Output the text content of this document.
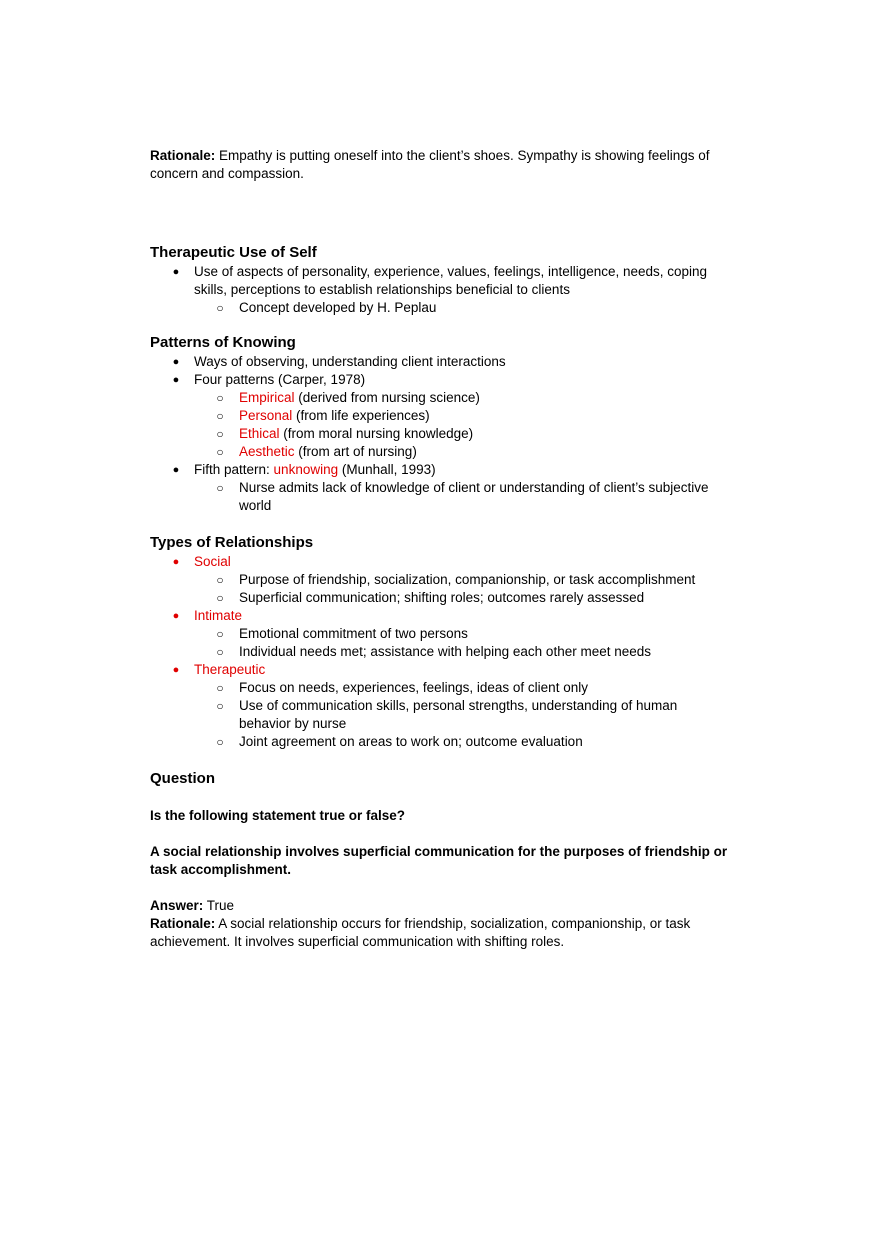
Rationale: Empathy is putting oneself into the client’s shoes. Sympathy is showing feelings of concern and compassion.

Therapeutic Use of Self
● Use of aspects of personality, experience, values, feelings, intelligence, needs, coping skills, perceptions to establish relationships beneficial to clients
○ Concept developed by H. Peplau
Patterns of Knowing
● Ways of observing, understanding client interactions
● Four patterns (Carper, 1978)
○ Empirical (derived from nursing science)
○ Personal (from life experiences)
○ Ethical (from moral nursing knowledge)
○ Aesthetic (from art of nursing)
● Fifth pattern: unknowing (Munhall, 1993)
○ Nurse admits lack of knowledge of client or understanding of client’s subjective world
Types of Relationships
● Social
○ Purpose of friendship, socialization, companionship, or task accomplishment
○ Superficial communication; shifting roles; outcomes rarely assessed
● Intimate
○ Emotional commitment of two persons
○ Individual needs met; assistance with helping each other meet needs
● Therapeutic
○ Focus on needs, experiences, feelings, ideas of client only
○ Use of communication skills, personal strengths, understanding of human behavior by nurse
○ Joint agreement on areas to work on; outcome evaluation
Question

Is the following statement true or false?

A social relationship involves superficial communication for the purposes of friendship or task accomplishment.

Answer: True

Rationale: A social relationship occurs for friendship, socialization, companionship, or task achievement. It involves superficial communication with shifting roles.
